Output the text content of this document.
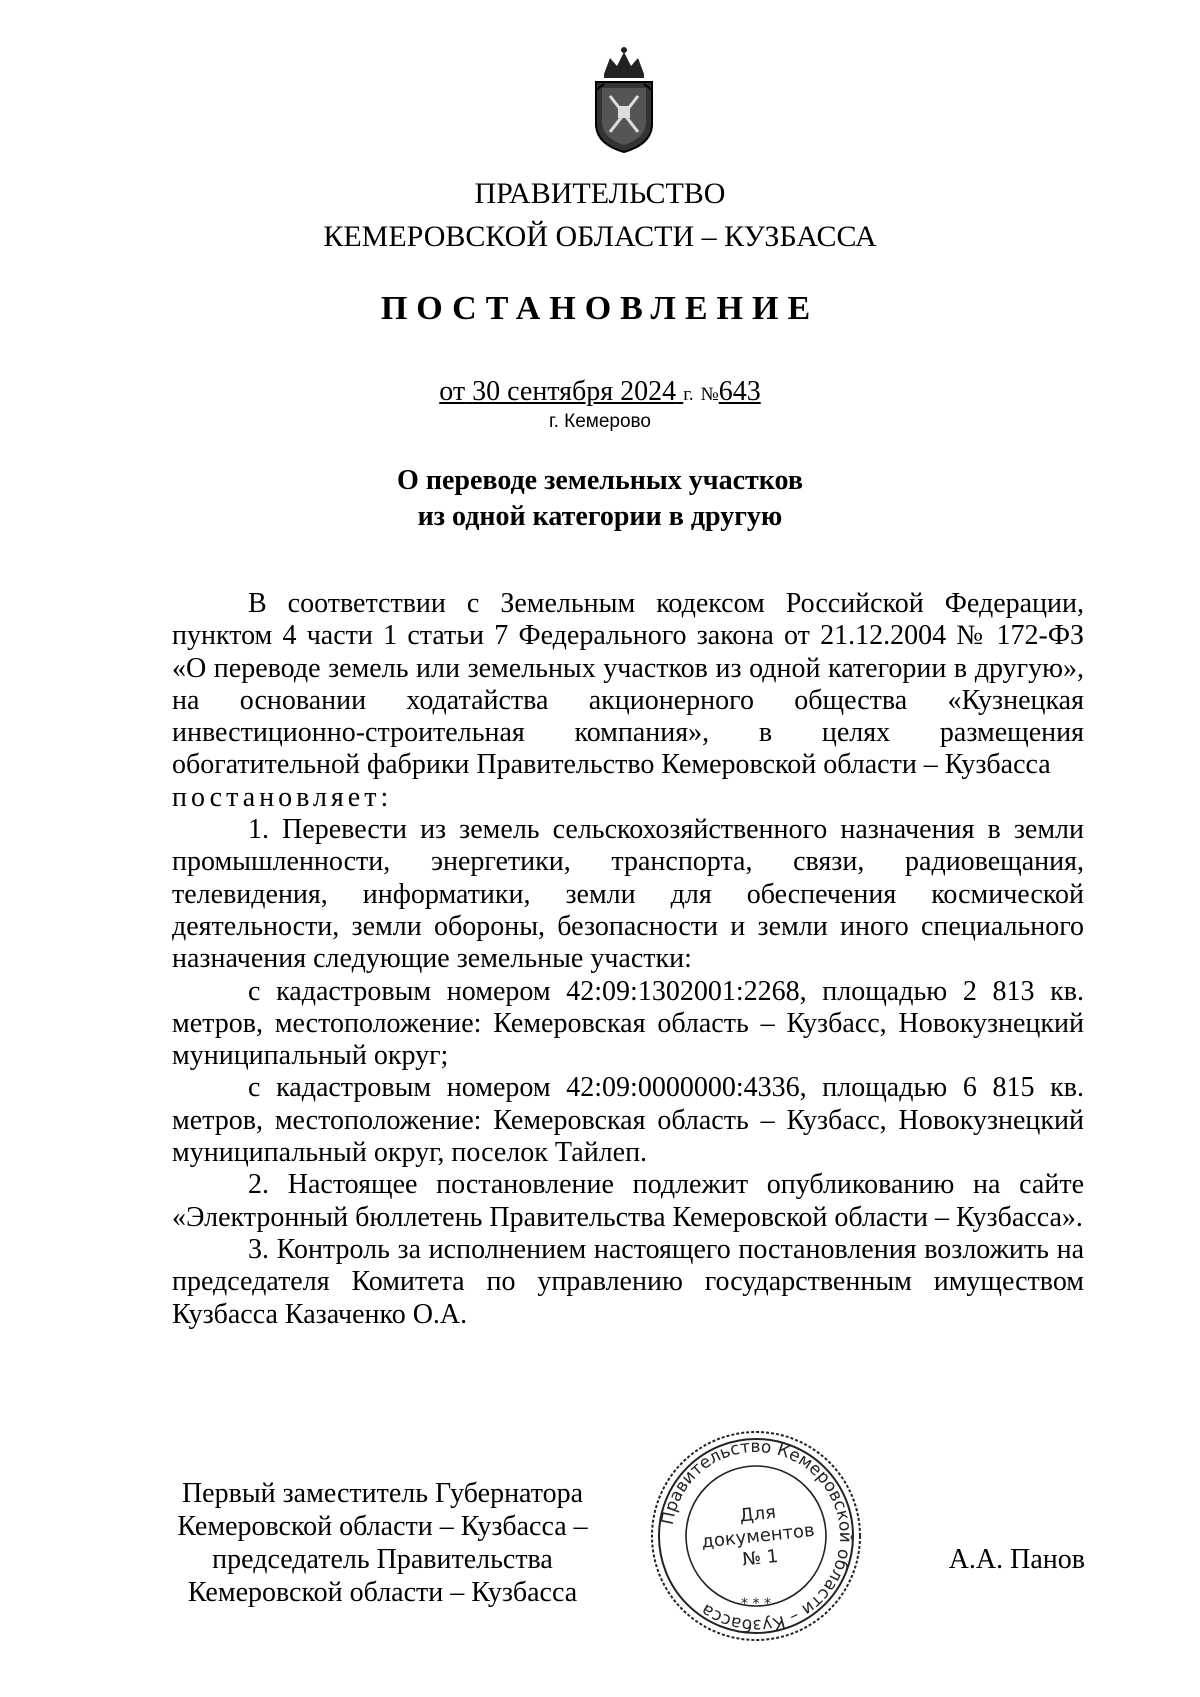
ПРАВИТЕЛЬСТВО
КЕМЕРОВСКОЙ ОБЛАСТИ – КУЗБАССА
ПОСТАНОВЛЕНИЕ
от 30 сентября 2024 г. №643
г. Кемерово
О переводе земельных участков
из одной категории в другую

В соответствии с Земельным кодексом Российской Федерации, пунктом 4 части 1 статьи 7 Федерального закона от 21.12.2004 № 172-ФЗ «О переводе земель или земельных участков из одной категории в другую», на основании ходатайства акционерного общества «Кузнецкая инвестиционно-строительная компания», в целях размещения обогатительной фабрики Правительство Кемеровской области – Кузбасса

постановляет:

1. Перевести из земель сельскохозяйственного назначения в земли промышленности, энергетики, транспорта, связи, радиовещания, телевидения, информатики, земли для обеспечения космической деятельности, земли обороны, безопасности и земли иного специального назначения следующие земельные участки:

с кадастровым номером 42:09:1302001:2268, площадью 2 813 кв. метров, местоположение: Кемеровская область – Кузбасс, Новокузнецкий муниципальный округ;

с кадастровым номером 42:09:0000000:4336, площадью 6 815 кв. метров, местоположение: Кемеровская область – Кузбасс, Новокузнецкий муниципальный округ, поселок Тайлеп.

2. Настоящее постановление подлежит опубликованию на сайте «Электронный бюллетень Правительства Кемеровской области – Кузбасса».

3. Контроль за исполнением настоящего постановления возложить на председателя Комитета по управлению государственным имуществом Кузбасса Казаченко О.А.

Первый заместитель Губернатора
Кемеровской области – Кузбасса –
председатель Правительства
Кемеровской области – Кузбасса
Правительство Кемеровской области – Кузбасса	* * *
Для
документов
№ 1	А.А. Панов
